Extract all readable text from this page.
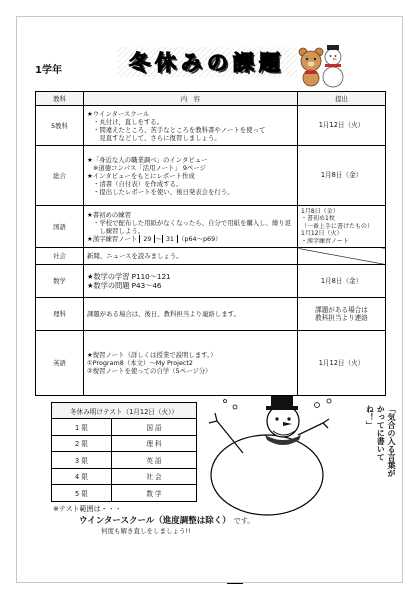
1学年	冬休みの課題
教科	内　容	提出
5教科	★ウインタースクール
・丸付け、直しをする。
・間違えたところ、苦手なところを教科書やノートを使って
　見直すなどして、さらに復習しましょう。	1月12日（火）
総合	★「身近な人の職業調べ」のインタビュー
※道徳コンパス「活用ノート」 9ページ
★インタビューをもとにレポート作成
・清書（自付表）を作成する。
・提出したレポートを使い、後日発表会を行う。	1月8日（金）
国語	★書初めの練習
・学校で配布した用紙がなくなったら、自分で用紙を購入し、繰り返
　し練習しよう。
★漢字練習ノート 29 ～ 31 （p64～p69）	1月8日（金）
・書初め1枚
（一番上手に書けたもの）
1月12日（火）
・漢字練習ノート

社会	新聞、ニュースを読みましょう。	
数学	★数学の学習 P110～121
★数学の問題 P43～46	1月8日（金）
理科	課題がある場合は、後日、教科担当より連絡します。	課題がある場合は
教科担当より連絡

英語	★復習ノート（詳しくは授業で説明します。）
①Program8（本文）～My Project2
②復習ノートを使っての自学（5ページ分）	1月12日（火）
冬休み明けテスト（1月12日（火））	
1 限	国 語
2 限	理 科
3 限	英 語
4 限	社 会
5 限	数 学
「気合の入る言葉がかってに書いてね！」
※テスト範囲は・・・
ウインタースクール（進度調整は除く） です。
何度も解き直しをしましょう!!
